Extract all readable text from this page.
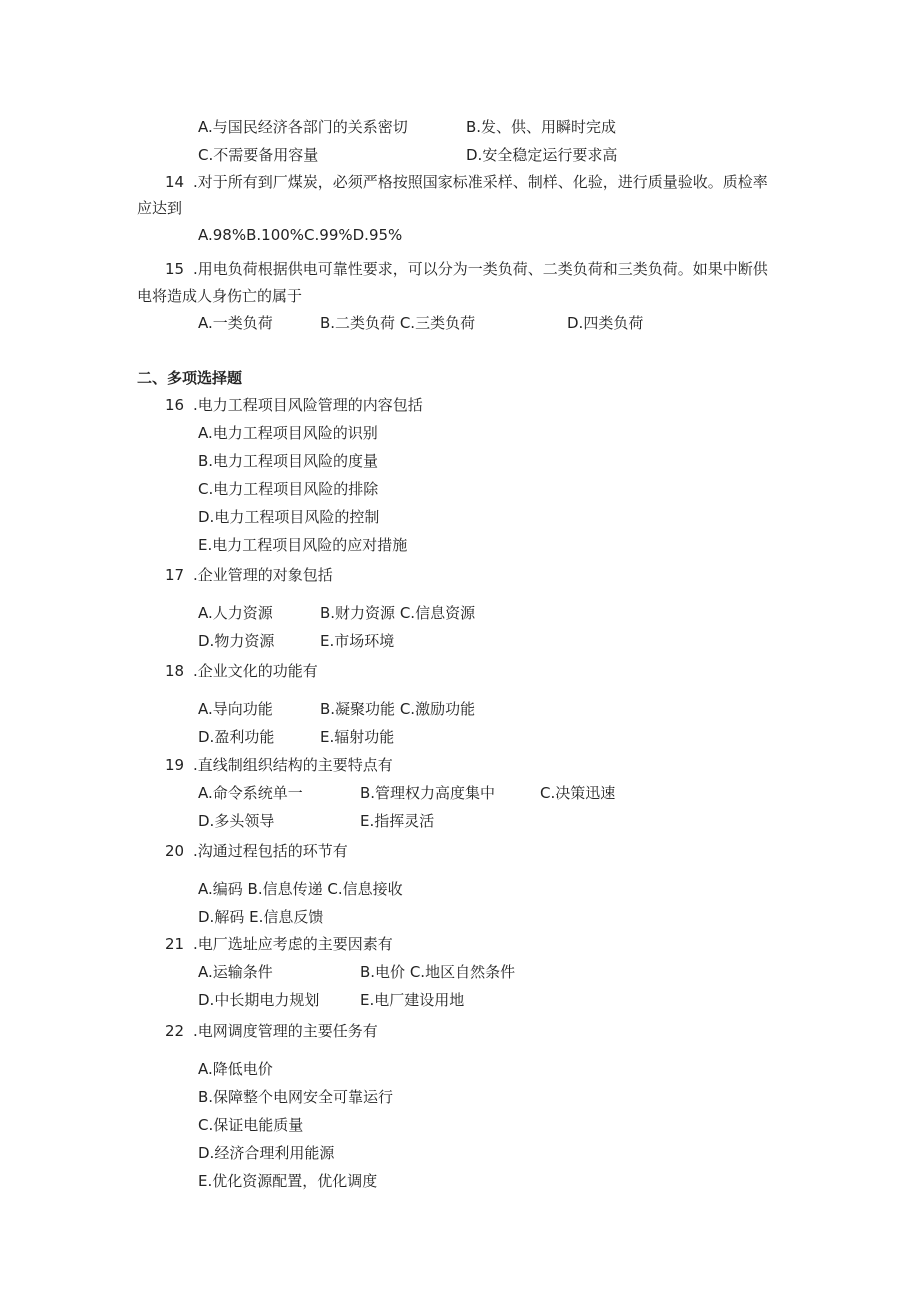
A.与国民经济各部门的关系密切	B.发、供、用瞬时完成
C.不需要备用容量	D.安全稳定运行要求高
14 .对于所有到厂煤炭，必须严格按照国家标准采样、制样、化验，进行质量验收。质检率
应达到
A.98%B.100%C.99%D.95%
15 .用电负荷根据供电可靠性要求，可以分为一类负荷、二类负荷和三类负荷。如果中断供
电将造成人身伤亡的属于
A.一类负荷	B.二类负荷 C.三类负荷	D.四类负荷
二、多项选择题
16 .电力工程项目风险管理的内容包括
A.电力工程项目风险的识别
B.电力工程项目风险的度量
C.电力工程项目风险的排除
D.电力工程项目风险的控制
E.电力工程项目风险的应对措施
17 .企业管理的对象包括
A.人力资源	B.财力资源 C.信息资源
D.物力资源	E.市场环境
18 .企业文化的功能有
A.导向功能	B.凝聚功能 C.激励功能
D.盈利功能	E.辐射功能
19 .直线制组织结构的主要特点有
A.命令系统单一	B.管理权力高度集中	C.决策迅速
D.多头领导	E.指挥灵活
20 .沟通过程包括的环节有
A.编码 B.信息传递 C.信息接收
D.解码 E.信息反馈
21 .电厂选址应考虑的主要因素有
A.运输条件	B.电价 C.地区自然条件
D.中长期电力规划	E.电厂建设用地
22 .电网调度管理的主要任务有
A.降低电价
B.保障整个电网安全可靠运行
C.保证电能质量
D.经济合理利用能源
E.优化资源配置，优化调度
